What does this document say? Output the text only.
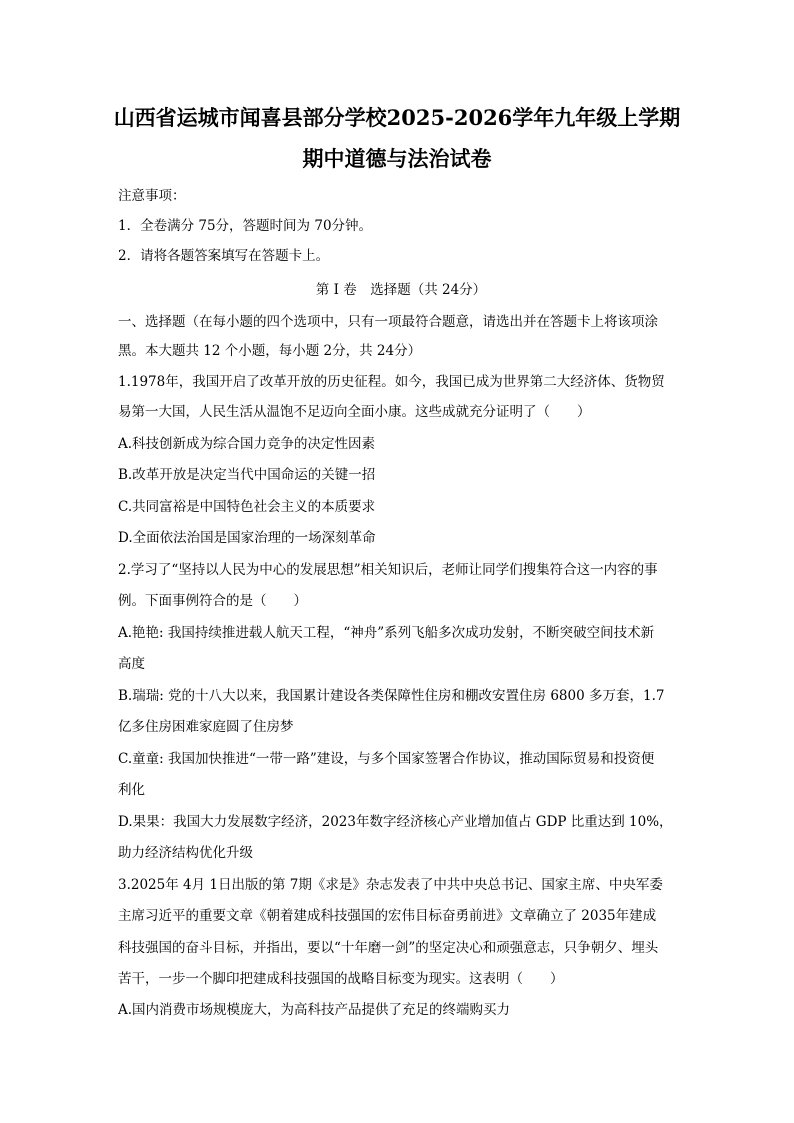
山西省运城市闻喜县部分学校2025-2026学年九年级上学期
期中道德与法治试卷
注意事项：
1．全卷满分 75分，答题时间为 70分钟。
2．请将各题答案填写在答题卡上。
第 I 卷　选择题（共 24分）
一、选择题（在每小题的四个选项中，只有一项最符合题意，请选出并在答题卡上将该项涂
黑。本大题共 12 个小题，每小题 2分，共 24分）
1.1978年，我国开启了改革开放的历史征程。如今，我国已成为世界第二大经济体、货物贸
易第一大国，人民生活从温饱不足迈向全面小康。这些成就充分证明了（　　）
A.科技创新成为综合国力竞争的决定性因素
B.改革开放是决定当代中国命运的关键一招
C.共同富裕是中国特色社会主义的本质要求
D.全面依法治国是国家治理的一场深刻革命
2.学习了“坚持以人民为中心的发展思想”相关知识后，老师让同学们搜集符合这一内容的事
例。下面事例符合的是（　　）
A.艳艳: 我国持续推进载人航天工程，“神舟”系列飞船多次成功发射，不断突破空间技术新
高度
B.瑞瑞: 党的十八大以来，我国累计建设各类保障性住房和棚改安置住房 6800 多万套，1.7
亿多住房困难家庭圆了住房梦
C.童童: 我国加快推进“一带一路”建设，与多个国家签署合作协议，推动国际贸易和投资便
利化
D.果果：我国大力发展数字经济，2023年数字经济核心产业增加值占 GDP 比重达到 10%，
助力经济结构优化升级
3.2025年 4月 1日出版的第 7期《求是》杂志发表了中共中央总书记、国家主席、中央军委
主席习近平的重要文章《朝着建成科技强国的宏伟目标奋勇前进》文章确立了 2035年建成
科技强国的奋斗目标，并指出，要以“十年磨一剑”的坚定决心和顽强意志，只争朝夕、埋头
苦干，一步一个脚印把建成科技强国的战略目标变为现实。这表明（　　）
A.国内消费市场规模庞大，为高科技产品提供了充足的终端购买力
